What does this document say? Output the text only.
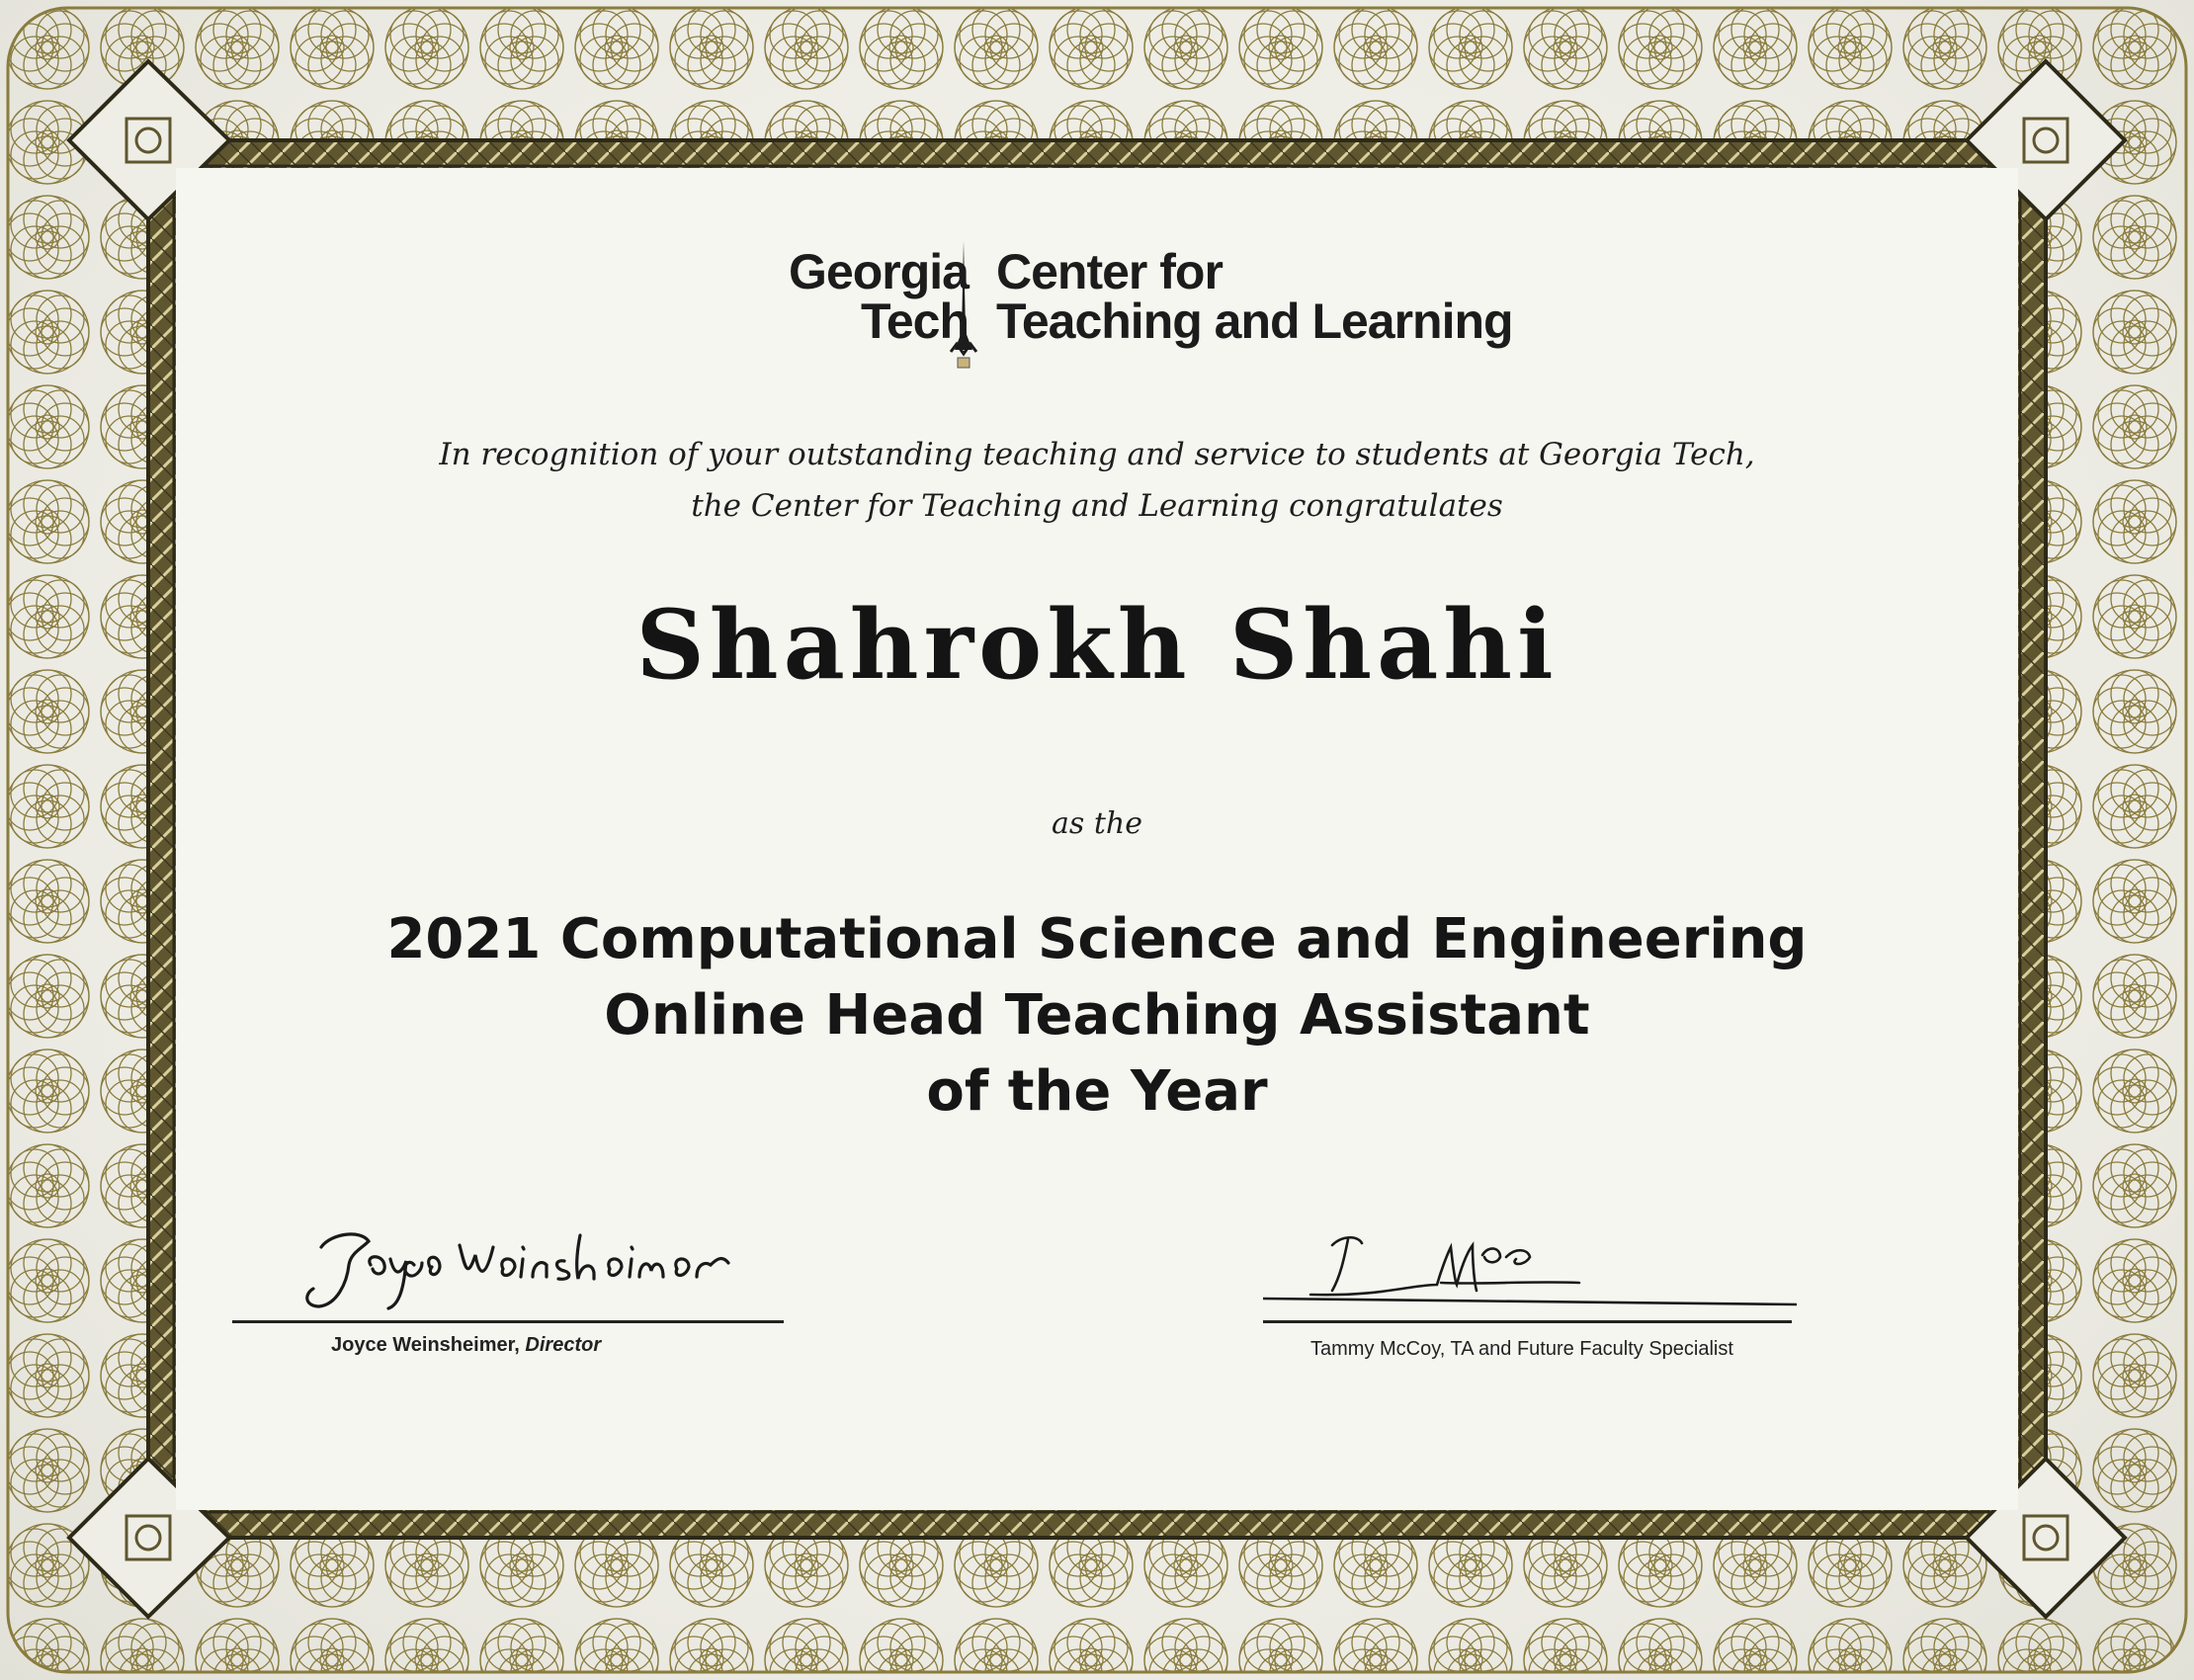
Georgia
Tech
Center for
Teaching and Learning
In recognition of your outstanding teaching and service to students at Georgia Tech,
the Center for Teaching and Learning congratulates
Shahrokh Shahi
as the
2021 Computational Science and Engineering
Online Head Teaching Assistant
of the Year
Joyce Weinsheimer, Director	Tammy McCoy, TA and Future Faculty Specialist
